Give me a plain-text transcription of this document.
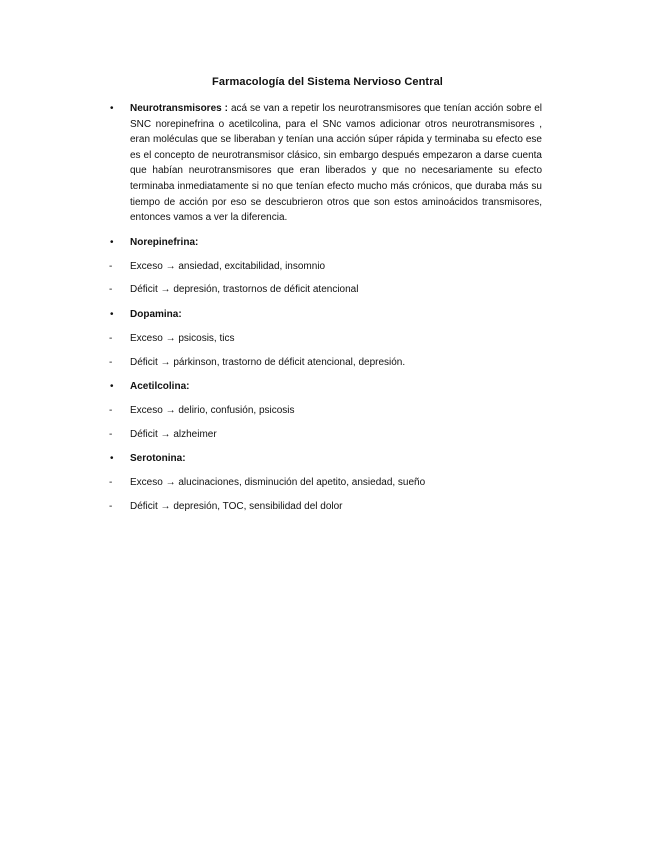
Farmacología del Sistema Nervioso Central
• Neurotransmisores : acá se van a repetir los neurotransmisores que tenían acción sobre el SNC norepinefrina o acetilcolina, para el SNc vamos adicionar otros neurotransmisores , eran moléculas que se liberaban y tenían una acción súper rápida y terminaba su efecto ese es el concepto de neurotransmisor clásico, sin embargo después empezaron a darse cuenta que habían neurotransmisores que eran liberados y que no necesariamente su efecto terminaba inmediatamente si no que tenían efecto mucho más crónicos, que duraba más su tiempo de acción por eso se descubrieron otros que son estos aminoácidos transmisores, entonces vamos a ver la diferencia.
• Norepinefrina:
- Exceso → ansiedad, excitabilidad, insomnio
- Déficit → depresión, trastornos de déficit atencional
• Dopamina:
- Exceso → psicosis, tics
- Déficit → párkinson, trastorno de déficit atencional, depresión.
• Acetilcolina:
- Exceso → delirio, confusión, psicosis
- Déficit → alzheimer
• Serotonina:
- Exceso → alucinaciones, disminución del apetito, ansiedad, sueño
- Déficit → depresión, TOC, sensibilidad del dolor
